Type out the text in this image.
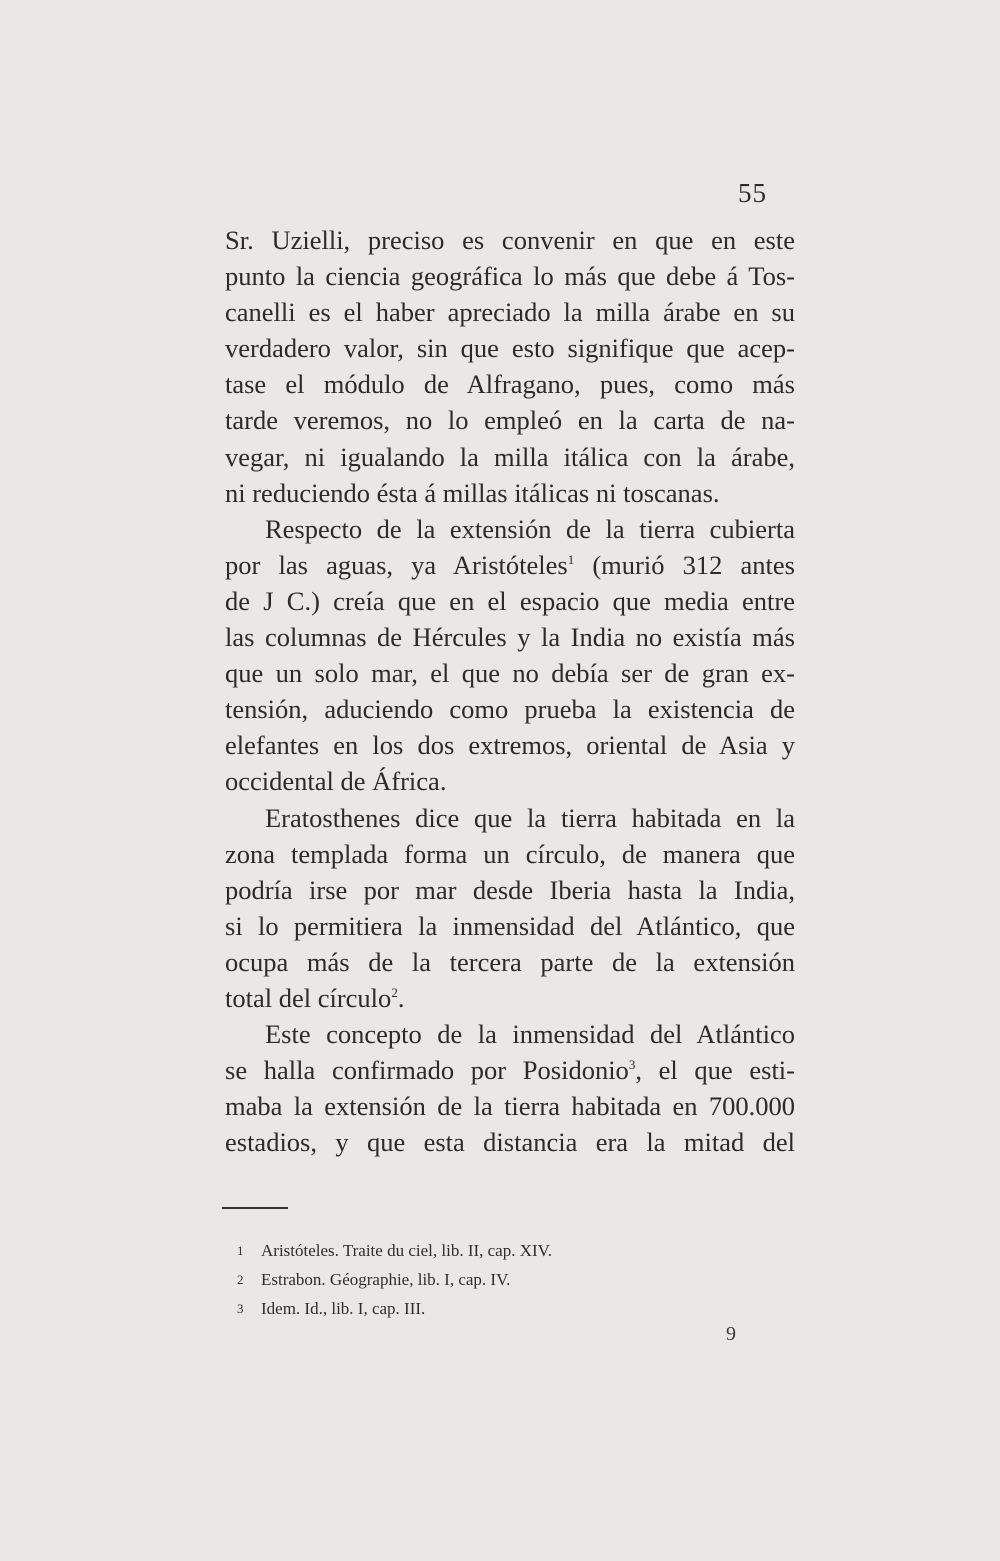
55
Sr. Uzielli, preciso es convenir en que en este
punto la ciencia geográfica lo más que debe á Tos-
canelli es el haber apreciado la milla árabe en su
verdadero valor, sin que esto signifique que acep-
tase el módulo de Alfragano, pues, como más
tarde veremos, no lo empleó en la carta de na-
vegar, ni igualando la milla itálica con la árabe,
ni reduciendo ésta á millas itálicas ni toscanas.
Respecto de la extensión de la tierra cubierta
por las aguas, ya Aristóteles$^1$ (murió 312 antes
de J C.) creía que en el espacio que media entre
las columnas de Hércules y la India no existía más
que un solo mar, el que no debía ser de gran ex-
tensión, aduciendo como prueba la existencia de
elefantes en los dos extremos, oriental de Asia y
occidental de África.
Eratosthenes dice que la tierra habitada en la
zona templada forma un círculo, de manera que
podría irse por mar desde Iberia hasta la India,
si lo permitiera la inmensidad del Atlántico, que
ocupa más de la tercera parte de la extensión
total del círculo$^2$.
Este concepto de la inmensidad del Atlántico
se halla confirmado por Posidonio$^3$, el que esti-
maba la extensión de la tierra habitada en 700.000
estadios, y que esta distancia era la mitad del
1	Aristóteles. Traite du ciel, lib. II, cap. XIV.
2	Estrabon. Géographie, lib. I, cap. IV.
3	Idem. Id., lib. I, cap. III.
9
